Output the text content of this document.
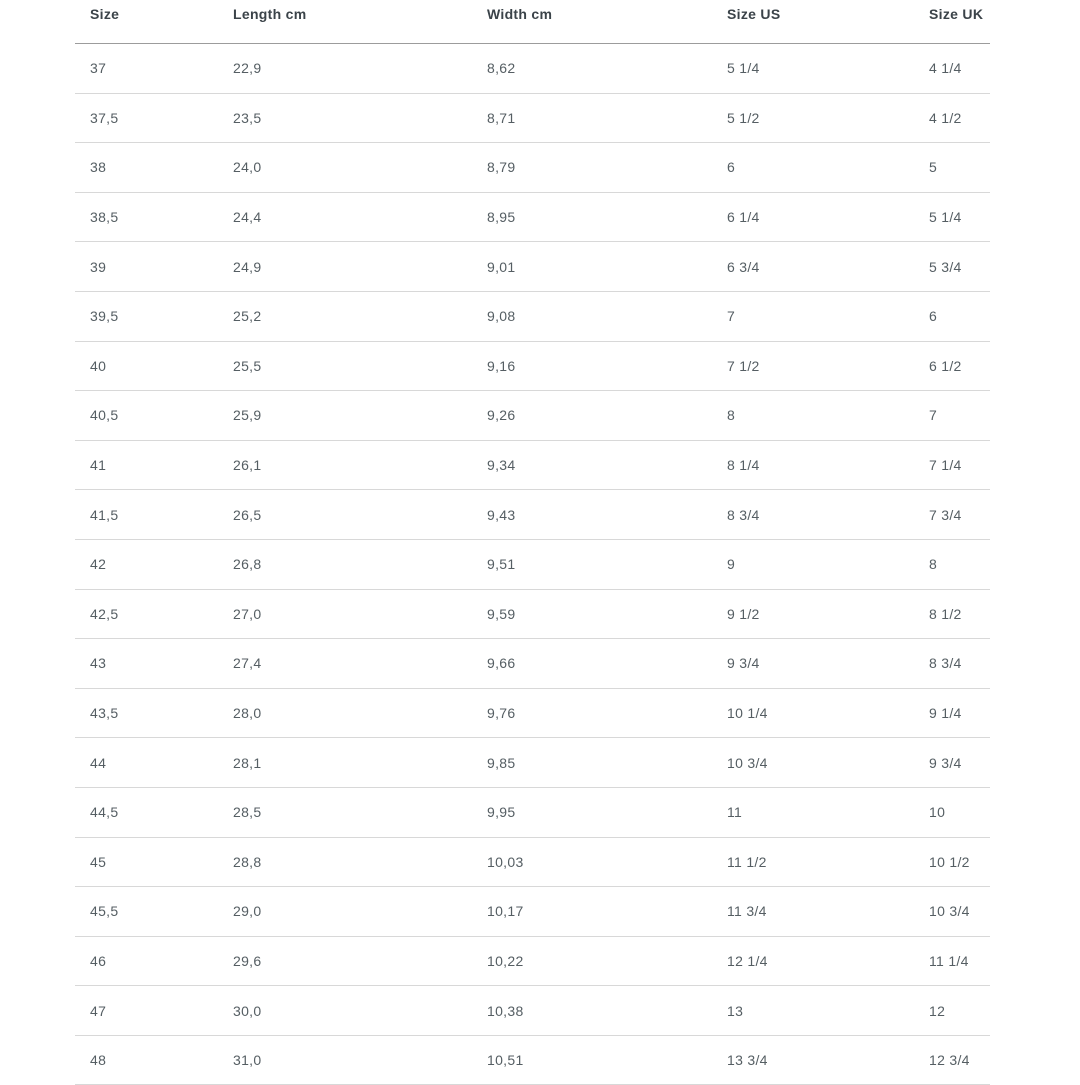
Size	Length cm	Width cm	Size US	Size UK
37	22,9	8,62	5 1/4	4 1/4
37,5	23,5	8,71	5 1/2	4 1/2
38	24,0	8,79	6	5
38,5	24,4	8,95	6 1/4	5 1/4
39	24,9	9,01	6 3/4	5 3/4
39,5	25,2	9,08	7	6
40	25,5	9,16	7 1/2	6 1/2
40,5	25,9	9,26	8	7
41	26,1	9,34	8 1/4	7 1/4
41,5	26,5	9,43	8 3/4	7 3/4
42	26,8	9,51	9	8
42,5	27,0	9,59	9 1/2	8 1/2
43	27,4	9,66	9 3/4	8 3/4
43,5	28,0	9,76	10 1/4	9 1/4
44	28,1	9,85	10 3/4	9 3/4
44,5	28,5	9,95	11	10
45	28,8	10,03	11 1/2	10 1/2
45,5	29,0	10,17	11 3/4	10 3/4
46	29,6	10,22	12 1/4	11 1/4
47	30,0	10,38	13	12
48	31,0	10,51	13 3/4	12 3/4
